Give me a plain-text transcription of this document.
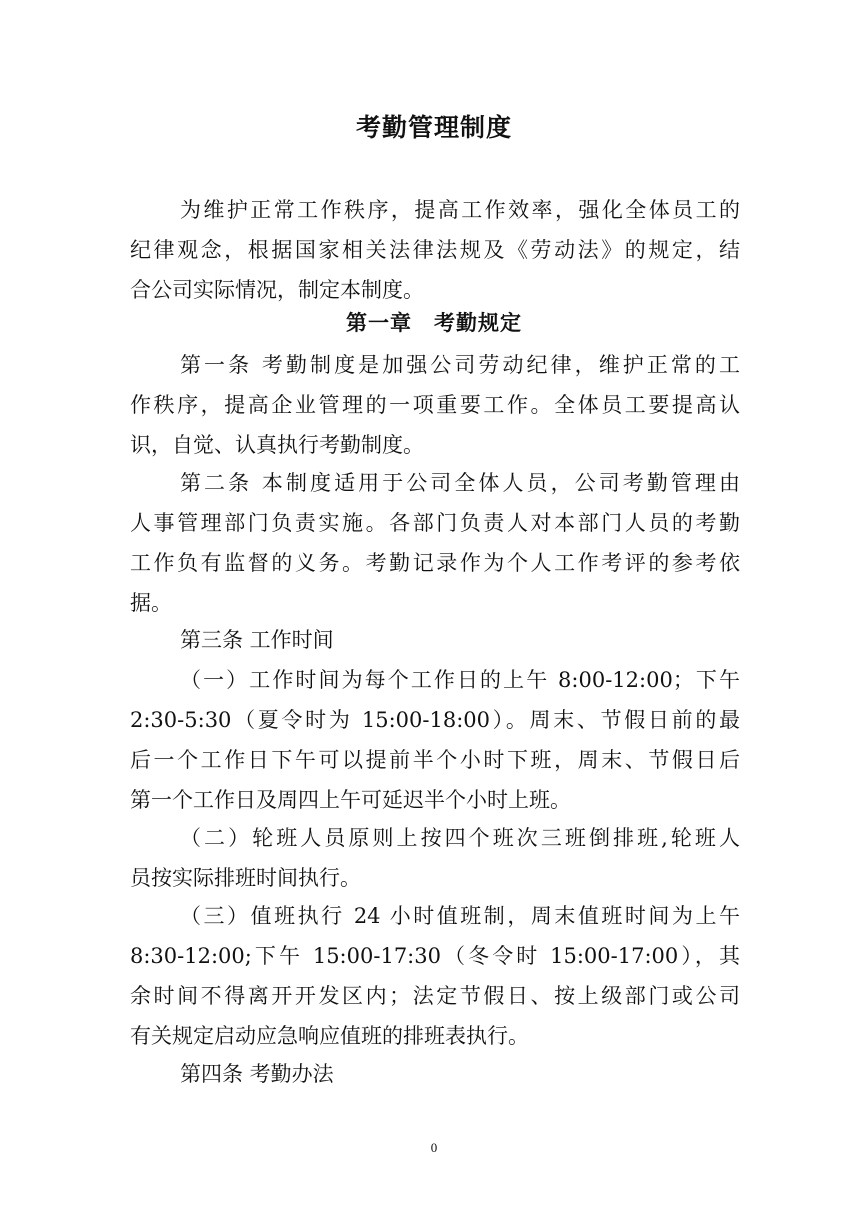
考勤管理制度
为维护正常工作秩序，提高工作效率，强化全体员工的
纪律观念，根据国家相关法律法规及《劳动法》的规定，结
合公司实际情况，制定本制度。
第一章　考勤规定
第一条 考勤制度是加强公司劳动纪律，维护正常的工
作秩序，提高企业管理的一项重要工作。全体员工要提高认
识，自觉、认真执行考勤制度。
第二条 本制度适用于公司全体人员，公司考勤管理由
人事管理部门负责实施。各部门负责人对本部门人员的考勤
工作负有监督的义务。考勤记录作为个人工作考评的参考依
据。
第三条 工作时间
（一）工作时间为每个工作日的上午 8:00-12:00；下午
2:30-5:30（夏令时为 15:00-18:00）。周末、节假日前的最
后一个工作日下午可以提前半个小时下班，周末、节假日后
第一个工作日及周四上午可延迟半个小时上班。
（二）轮班人员原则上按四个班次三班倒排班,轮班人
员按实际排班时间执行。
（三）值班执行 24 小时值班制，周末值班时间为上午
8:30-12:00;下午 15:00-17:30（冬令时 15:00-17:00），其
余时间不得离开开发区内；法定节假日、按上级部门或公司
有关规定启动应急响应值班的排班表执行。
第四条 考勤办法
0
